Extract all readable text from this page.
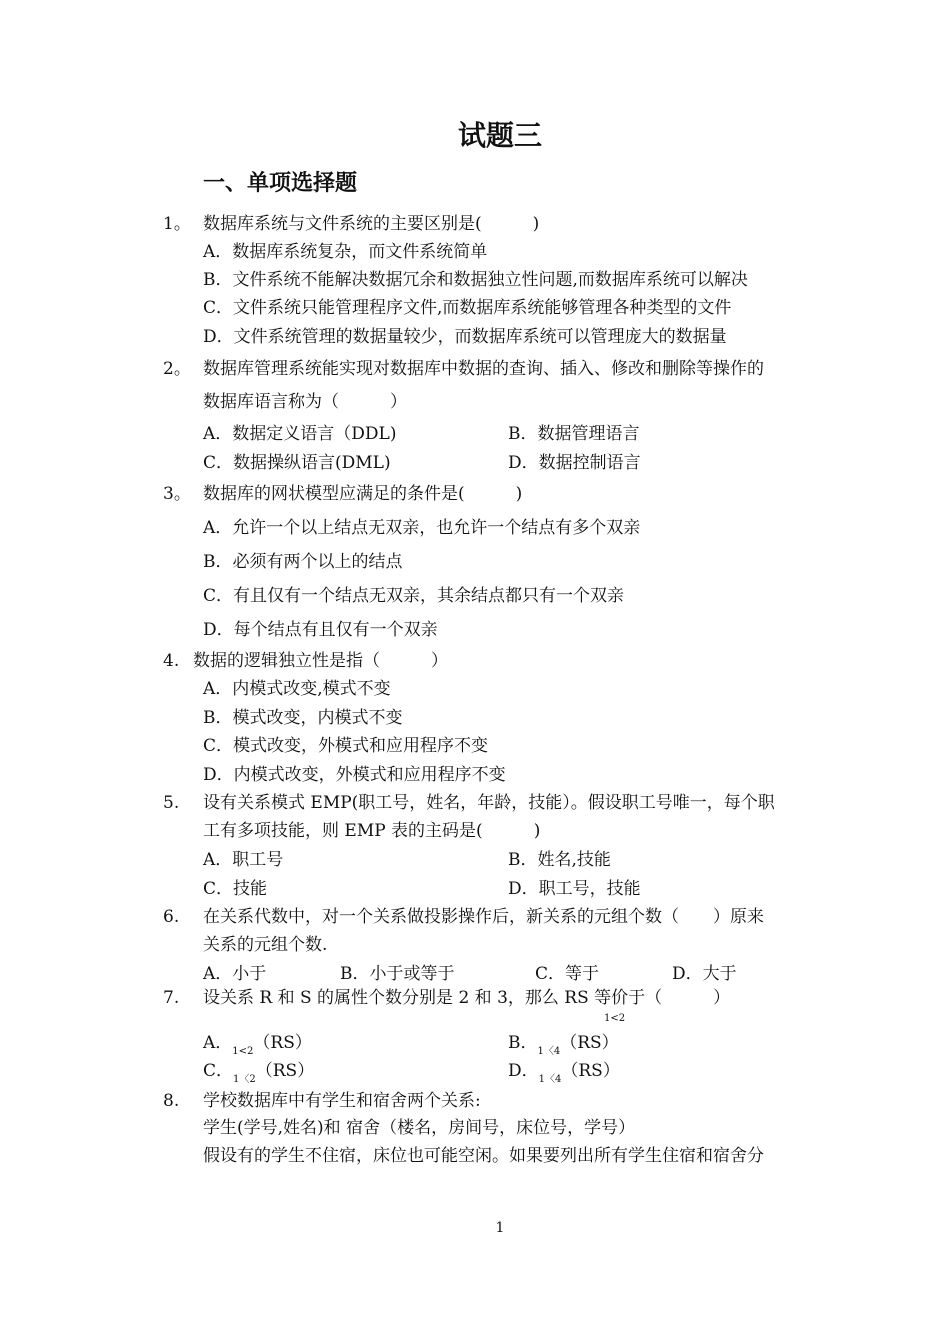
试题三
一、单项选择题
1。 数据库系统与文件系统的主要区别是(　　　)
A．数据库系统复杂，而文件系统简单
B．文件系统不能解决数据冗余和数据独立性问题,而数据库系统可以解决
C．文件系统只能管理程序文件,而数据库系统能够管理各种类型的文件
D．文件系统管理的数据量较少，而数据库系统可以管理庞大的数据量
2。 数据库管理系统能实现对数据库中数据的查询、插入、修改和删除等操作的
数据库语言称为（　　　）
A．数据定义语言（DDL)	B．数据管理语言
C．数据操纵语言(DML)	D．数据控制语言
3。 数据库的网状模型应满足的条件是(　　　)
A．允许一个以上结点无双亲，也允许一个结点有多个双亲
B．必须有两个以上的结点
C．有且仅有一个结点无双亲，其余结点都只有一个双亲
D．每个结点有且仅有一个双亲
4. 数据的逻辑独立性是指（　　　）
A．内模式改变,模式不变
B．模式改变，内模式不变
C．模式改变，外模式和应用程序不变
D．内模式改变，外模式和应用程序不变
5. 设有关系模式 EMP(职工号，姓名，年龄，技能）。假设职工号唯一，每个职
工有多项技能，则 EMP 表的主码是(　　　)
A．职工号	B．姓名,技能
C．技能	D．职工号，技能
6. 在关系代数中，对一个关系做投影操作后，新关系的元组个数（　　）原来
关系的元组个数.
A．小于	B．小于或等于	C．等于	D．大于
7. 设关系 R 和 S 的属性个数分别是 2 和 3，那么 RS 等价于（　　　）
1<2
A．$_{1<2}$（RS）	B．$_{1〈4}$（RS）
C．$_{1〈2}$（RS）	D．$_{1〈4}$（RS）
8. 学校数据库中有学生和宿舍两个关系:
学生(学号,姓名)和 宿舍（楼名，房间号，床位号，学号）
假设有的学生不住宿，床位也可能空闲。如果要列出所有学生住宿和宿舍分
1
